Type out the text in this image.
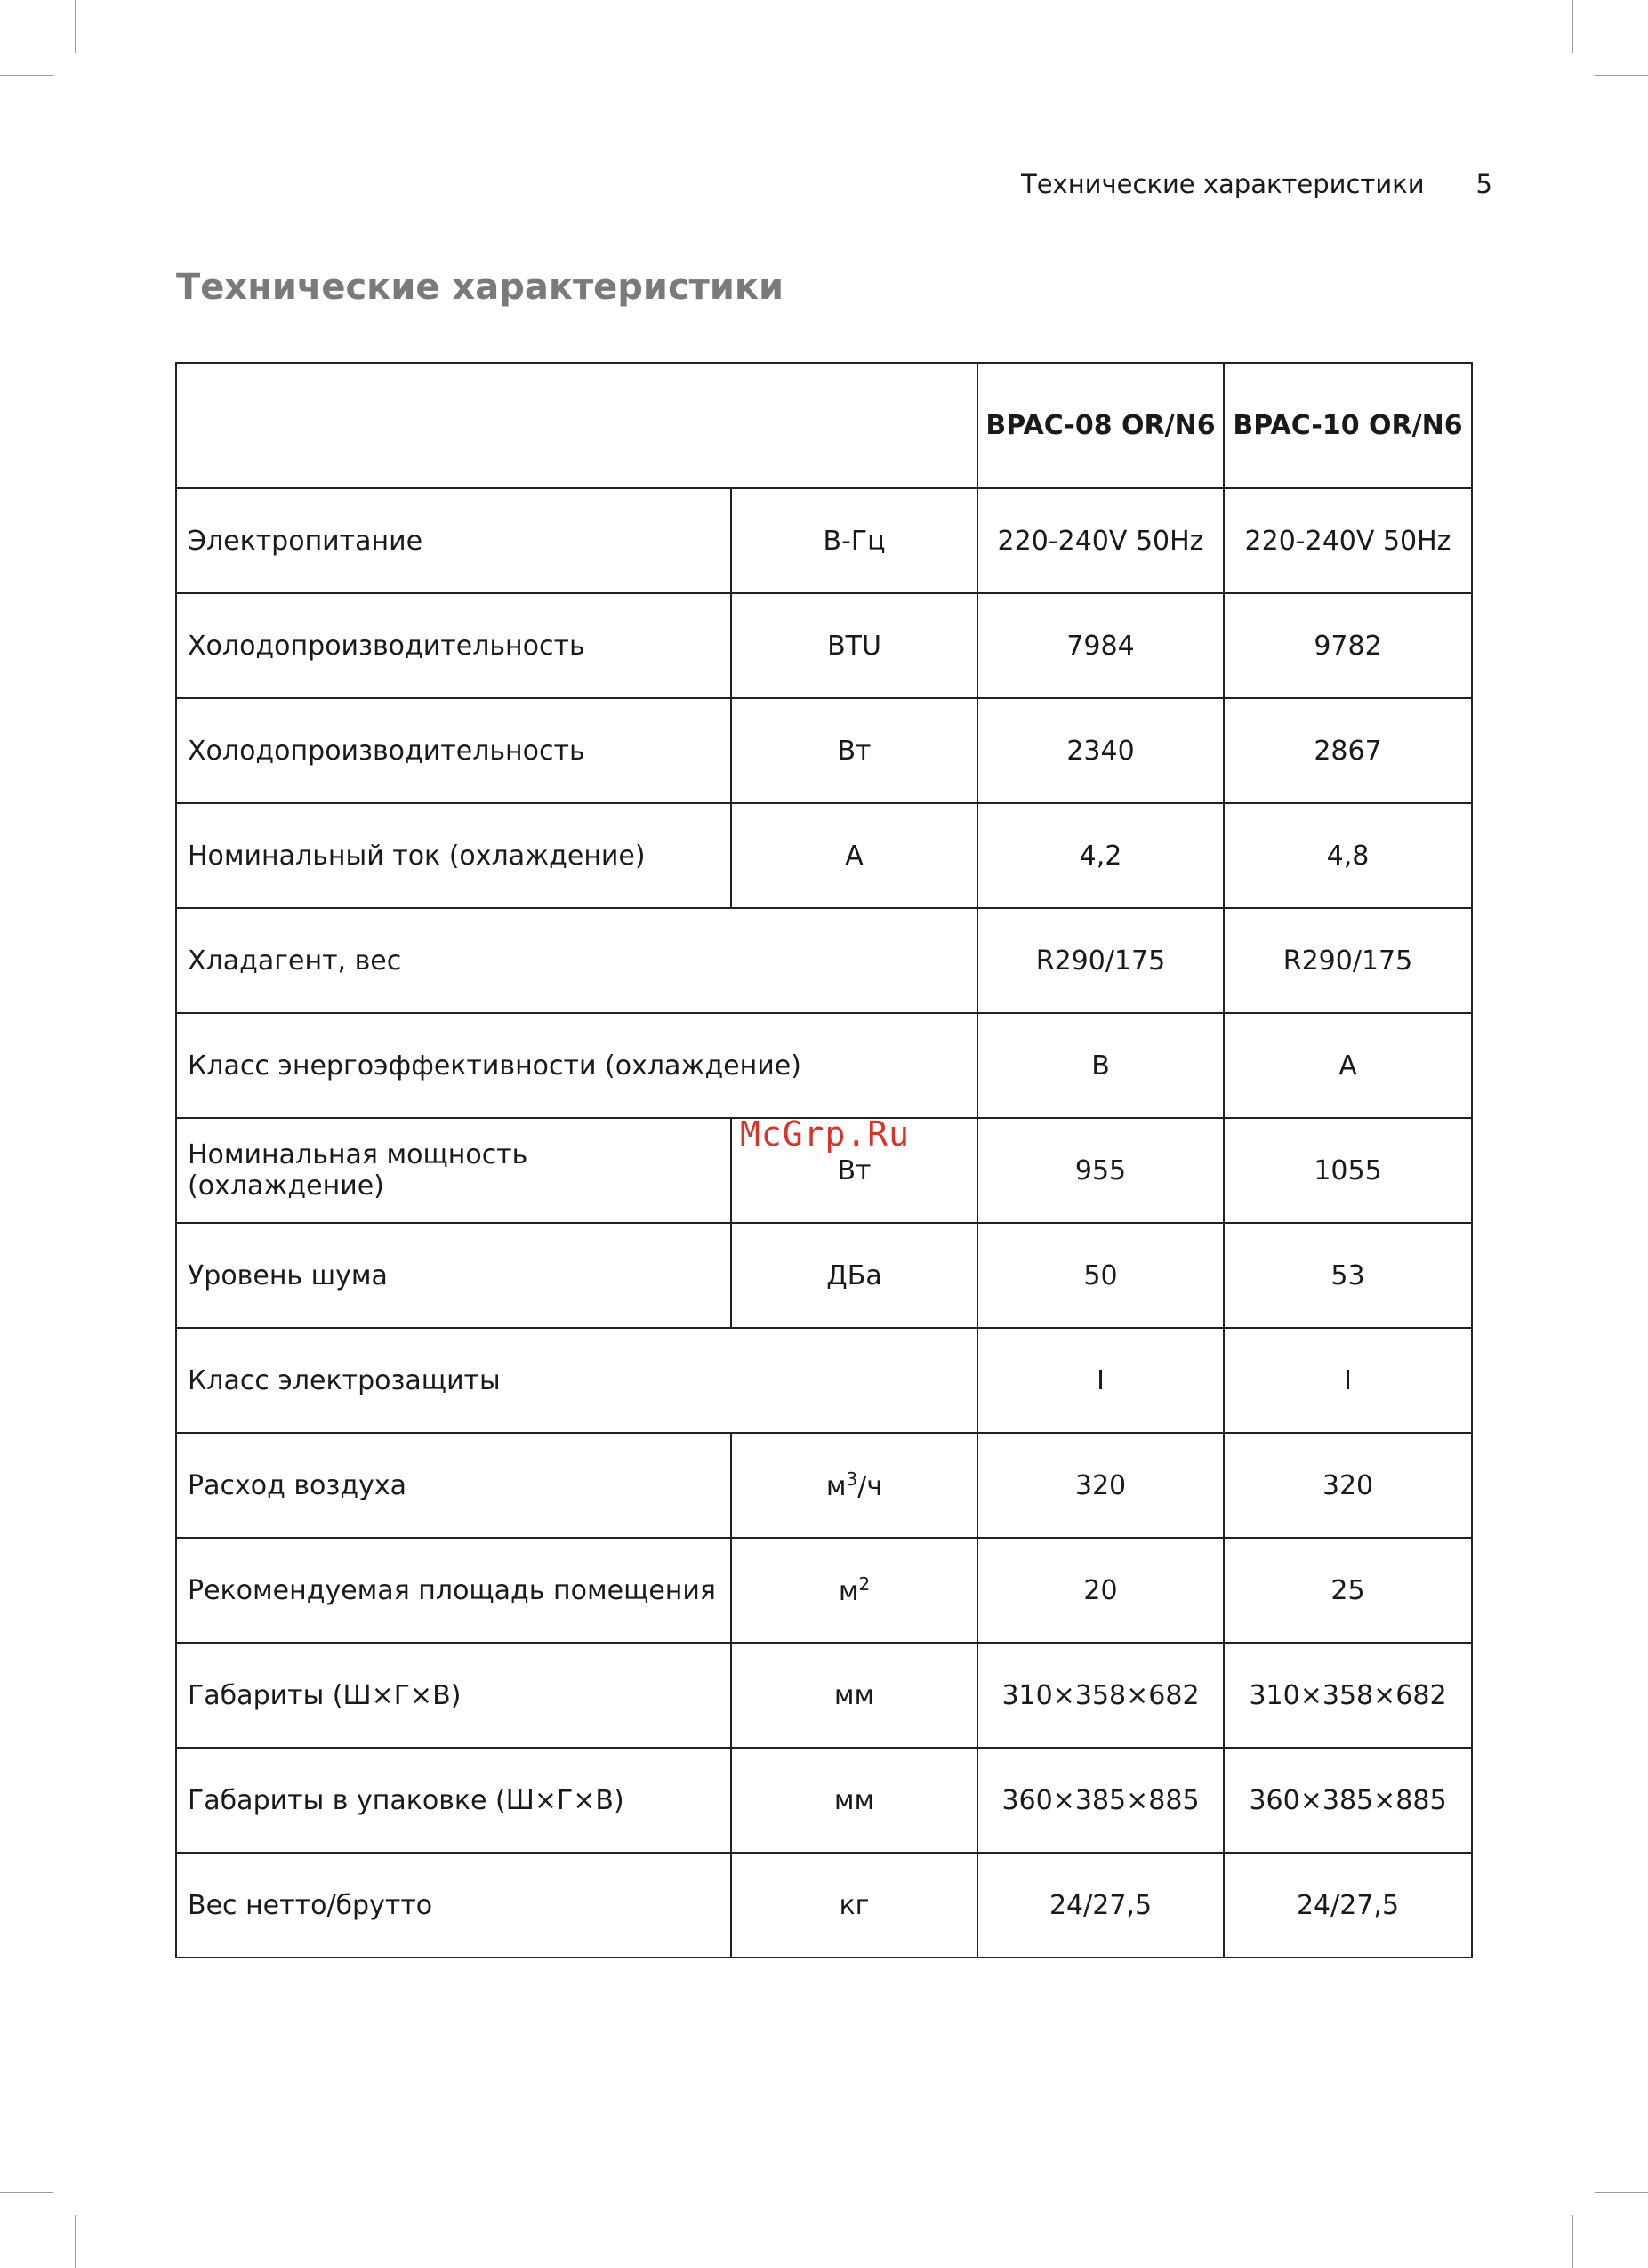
Технические характеристики 5
Технические характеристики
		BPAC-08 OR/N6	BPAC-10 OR/N6
Электропитание	В-Гц	220-240V 50Hz	220-240V 50Hz
Холодопроизводительность	BTU	7984	9782
Холодопроизводительность	Вт	2340	2867
Номинальный ток (охлаждение)	А	4,2	4,8
Хладагент, вес		R290/175	R290/175
Класс энергоэффективности (охлаждение)		B	A
Номинальная мощность (охлаждение)	Вт	955	1055
Уровень шума	ДБа	50	53
Класс электрозащиты		I	I
Расход воздуха	$м^3/ч$	320	320
Рекомендуемая площадь помещения	$м^2$	20	25
Габариты (Ш×Г×В)	мм	310×358×682	310×358×682
Габариты в упаковке (Ш×Г×В)	мм	360×385×885	360×385×885
Вес нетто/брутто	кг	24/27,5	24/27,5
McGrp.Ru
